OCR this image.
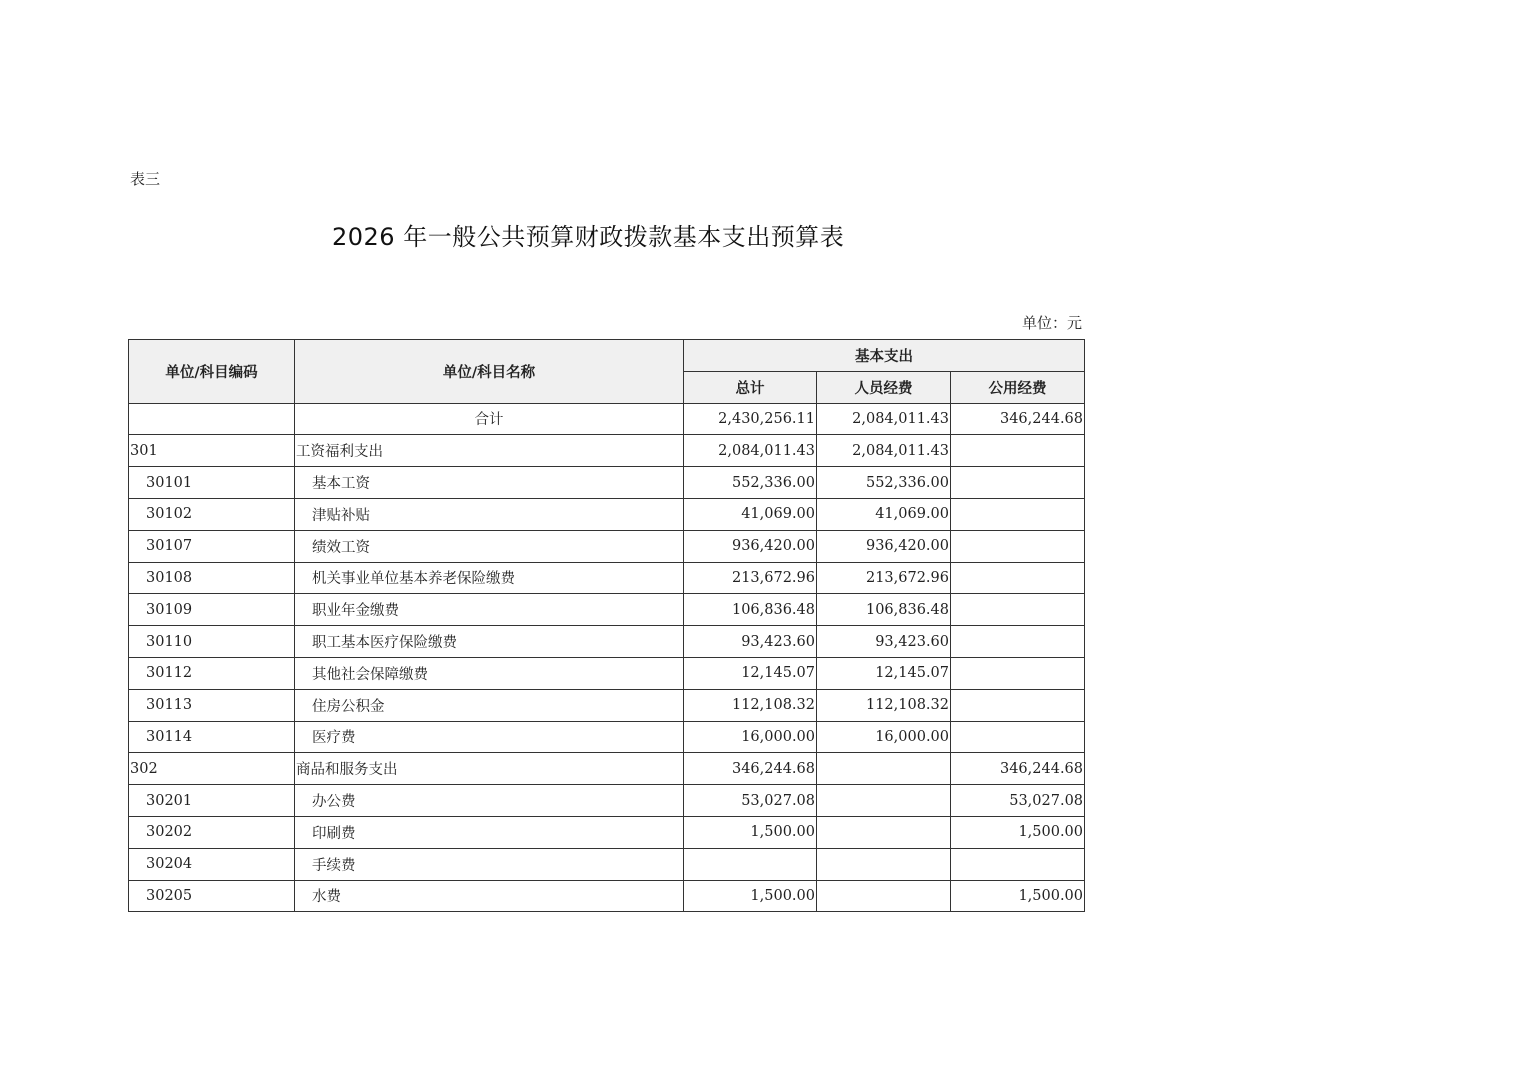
表三
2026 年一般公共预算财政拨款基本支出预算表
单位：元
单位/科目编码	单位/科目名称	基本支出		
		总计	人员经费	公用经费
	合计	2,430,256.11	2,084,011.43	346,244.68
301	工资福利支出	2,084,011.43	2,084,011.43	
30101	基本工资	552,336.00	552,336.00	
30102	津贴补贴	41,069.00	41,069.00	
30107	绩效工资	936,420.00	936,420.00	
30108	机关事业单位基本养老保险缴费	213,672.96	213,672.96	
30109	职业年金缴费	106,836.48	106,836.48	
30110	职工基本医疗保险缴费	93,423.60	93,423.60	
30112	其他社会保障缴费	12,145.07	12,145.07	
30113	住房公积金	112,108.32	112,108.32	
30114	医疗费	16,000.00	16,000.00	
302	商品和服务支出	346,244.68		346,244.68
30201	办公费	53,027.08		53,027.08
30202	印刷费	1,500.00		1,500.00
30204	手续费			
30205	水费	1,500.00		1,500.00
